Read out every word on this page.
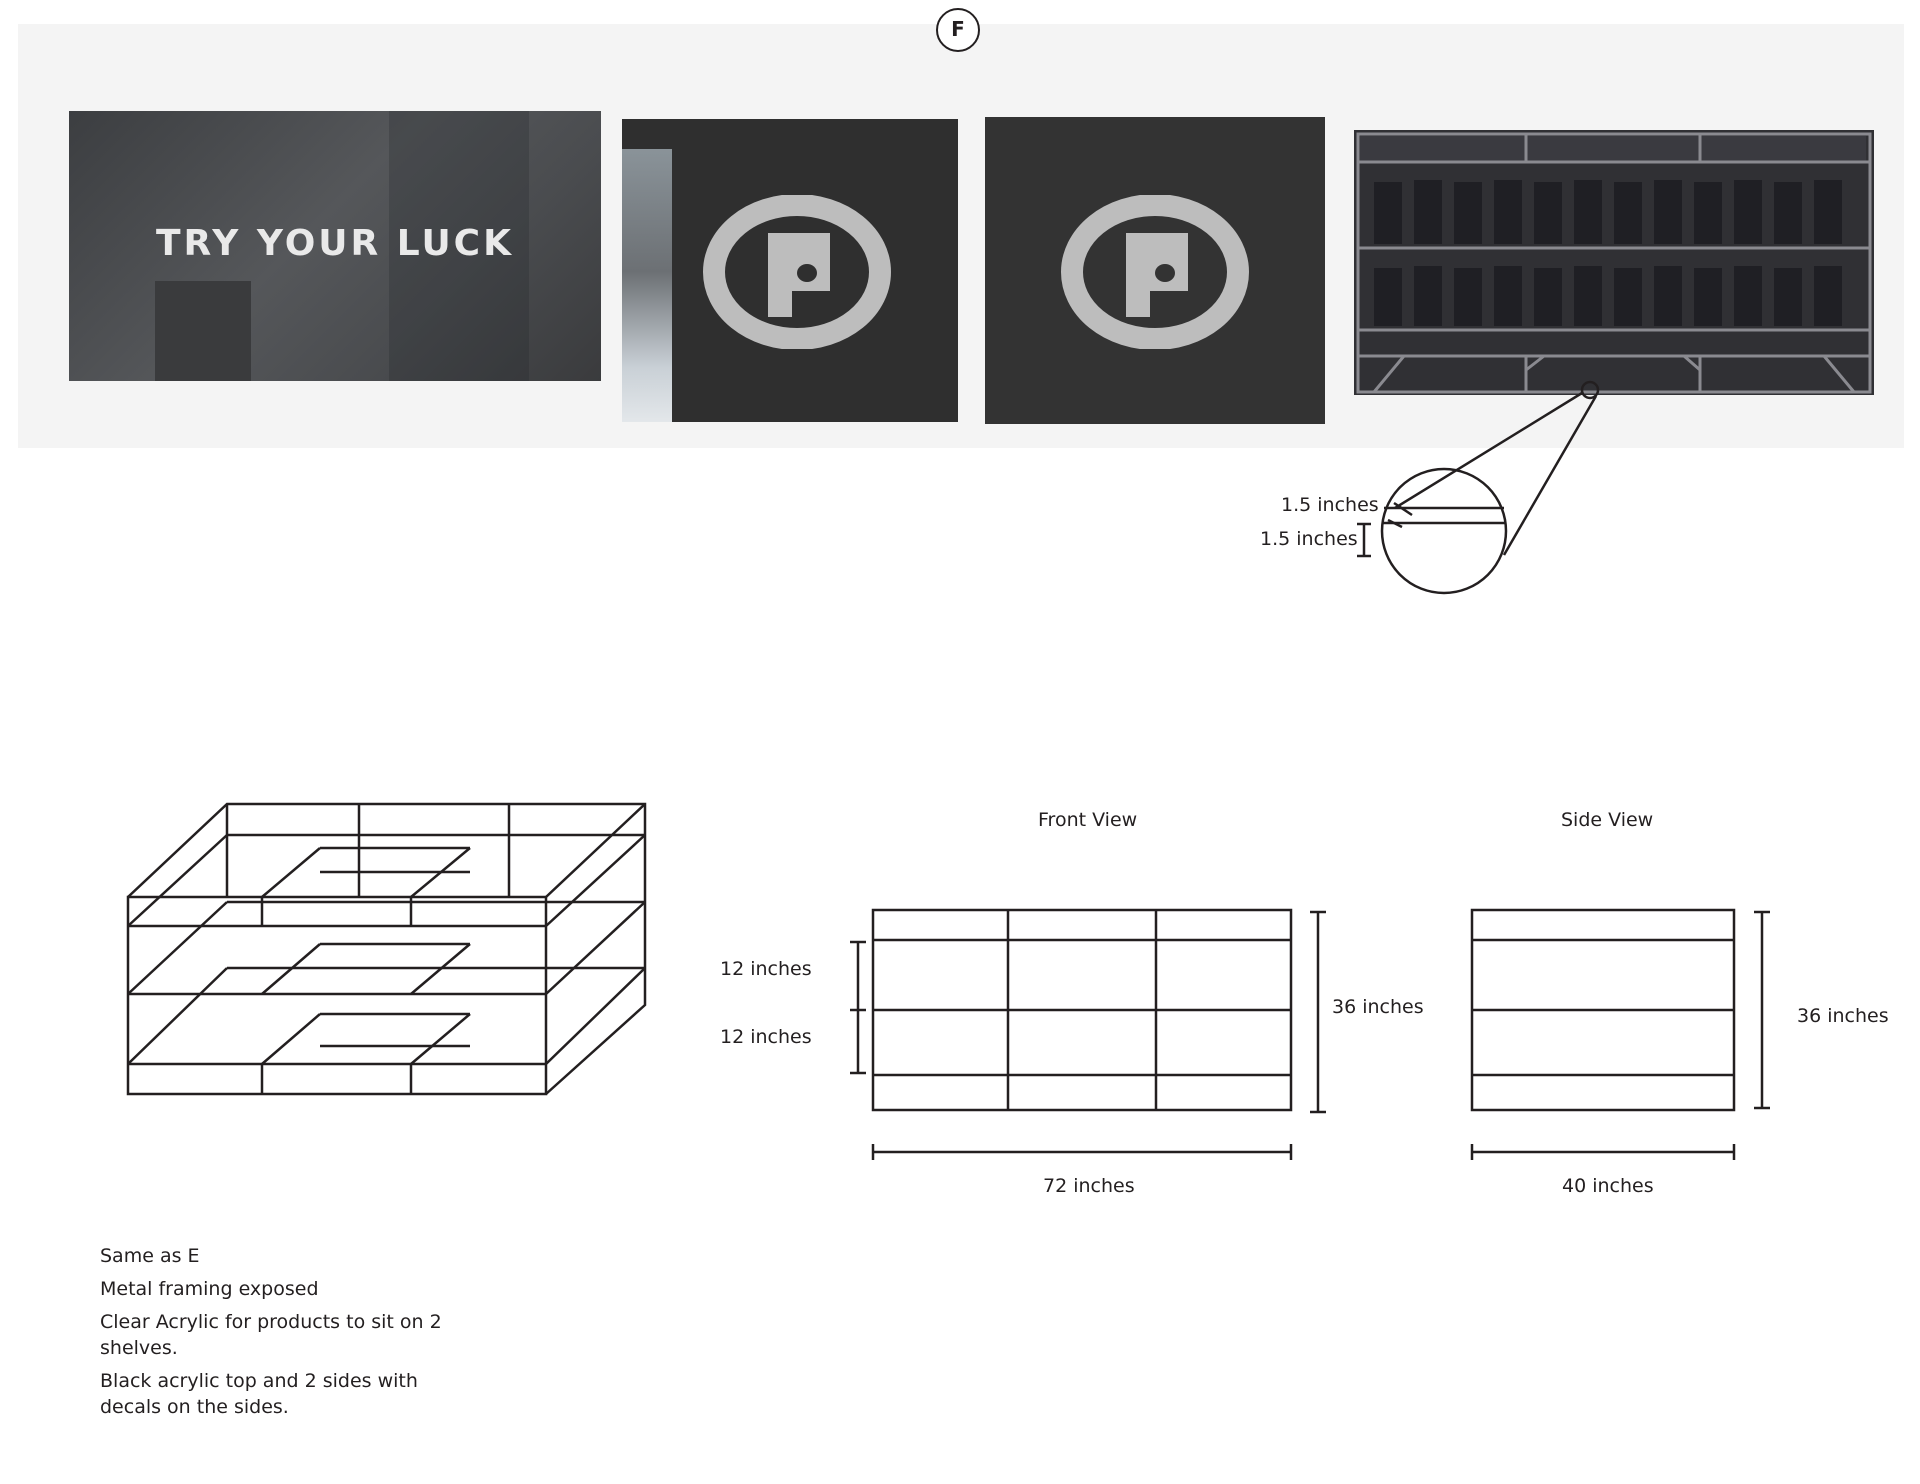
F
TRY YOUR LUCK
1.5 inches
1.5 inches
Front View	Side View
12 inches
12 inches
36 inches
72 inches
36 inches
40 inches
Same as E
Metal framing exposed
Clear Acrylic for products to sit on 2 shelves.
Black acrylic top and 2 sides with decals on the sides.
